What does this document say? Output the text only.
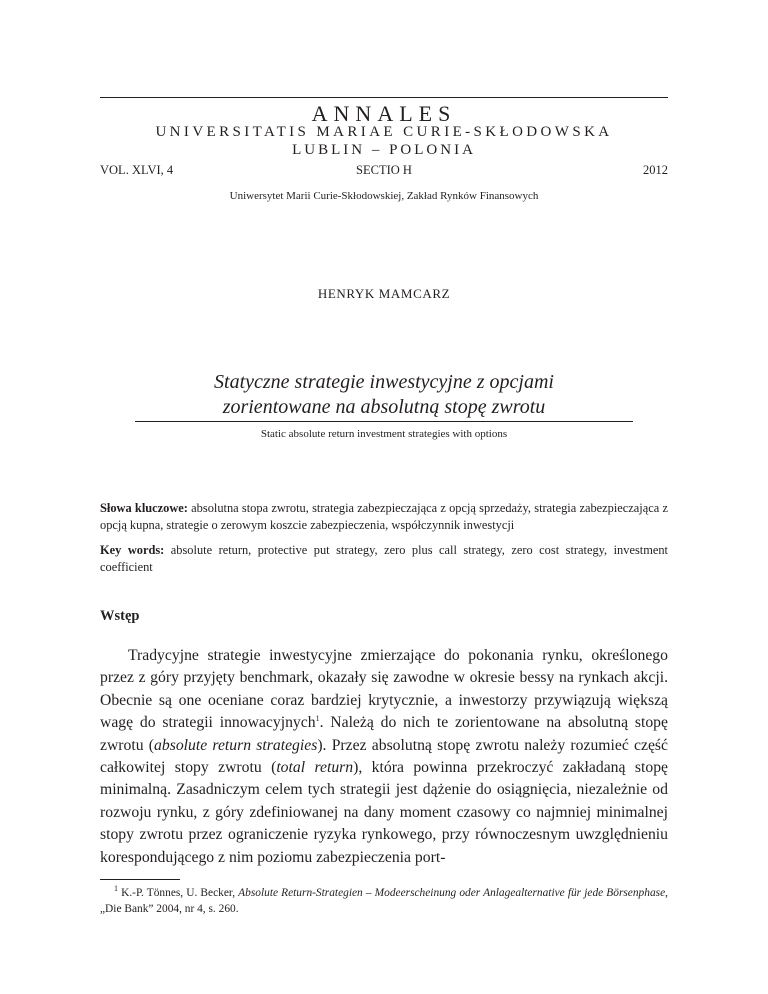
ANNALES
UNIVERSITATIS MARIAE CURIE-SKŁODOWSKA
LUBLIN – POLONIA
VOL. XLVI, 4	SECTIO H	2012
Uniwersytet Marii Curie-Skłodowskiej, Zakład Rynków Finansowych
HENRYK MAMCARZ
Statyczne strategie inwestycyjne z opcjami
zorientowane na absolutną stopę zwrotu
Static absolute return investment strategies with options
Słowa kluczowe: absolutna stopa zwrotu, strategia zabezpieczająca z opcją sprzedaży, strategia zabezpieczająca z opcją kupna, strategie o zerowym koszcie zabezpieczenia, współczynnik inwestycji
Key words: absolute return, protective put strategy, zero plus call strategy, zero cost strategy, investment coefficient
Wstęp
Tradycyjne strategie inwestycyjne zmierzające do pokonania rynku, określonego przez z góry przyjęty benchmark, okazały się zawodne w okresie bessy na rynkach akcji. Obecnie są one oceniane coraz bardziej krytycznie, a inwestorzy przywiązują większą wagę do strategii innowacyjnych$^1$. Należą do nich te zorientowane na absolutną stopę zwrotu (absolute return strategies). Przez absolutną stopę zwrotu należy rozumieć część całkowitej stopy zwrotu (total return), która powinna przekroczyć zakładaną stopę minimalną. Zasadniczym celem tych strategii jest dążenie do osiągnięcia, niezależnie od rozwoju rynku, z góry zdefiniowanej na dany moment czasowy co najmniej minimalnej stopy zwrotu przez ograniczenie ryzyka rynkowego, przy równoczesnym uwzględnieniu korespondującego z nim poziomu zabezpieczenia port-
$^1$ K.-P. Tönnes, U. Becker, Absolute Return-Strategien – Modeerscheinung oder Anlagealternative für jede Börsenphase, „Die Bank” 2004, nr 4, s. 260.
